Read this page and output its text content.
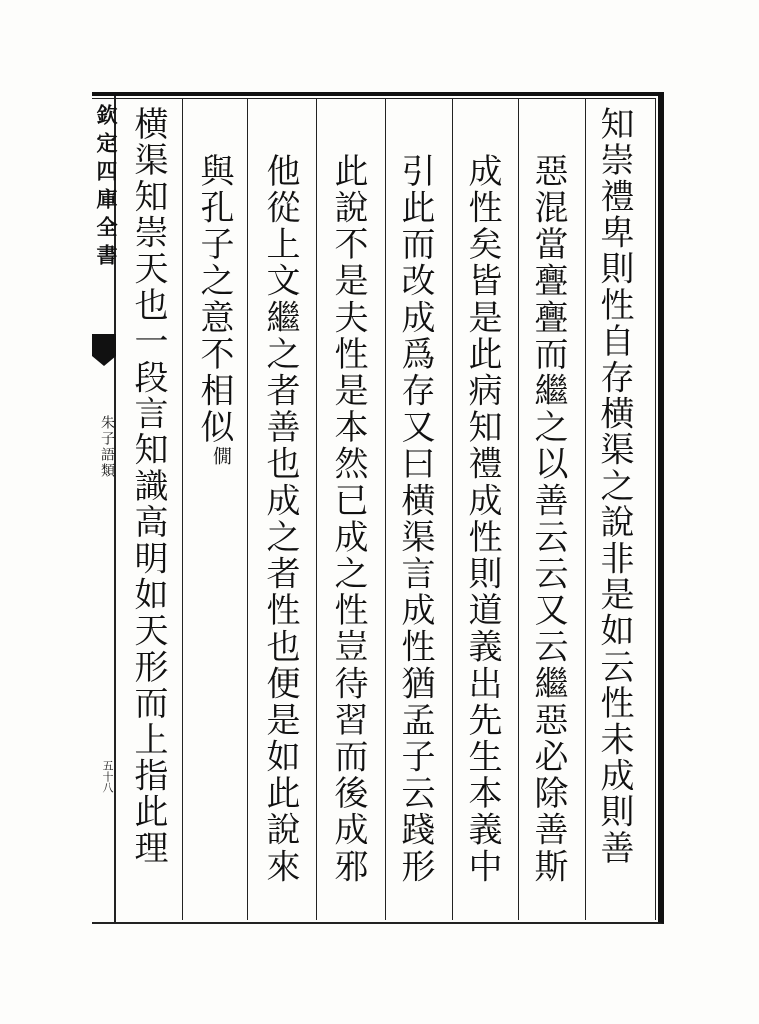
欽定四庫全書
朱子語類
五十八	知崇禮卑則性自存横渠之說非是如云性未成則善
惡混當亹亹而繼之以善云云又云繼惡必除善斯
成性矣皆是此病知禮成性則道義出先生本義中
引此而改成爲存又曰横渠言成性猶孟子云踐形
此說不是夫性是本然已成之性豈待習而後成邪
他從上文繼之者善也成之者性也便是如此說來
與孔子之意不相似
僩
横渠知崇天也一段言知識高明如天形而上指此理
